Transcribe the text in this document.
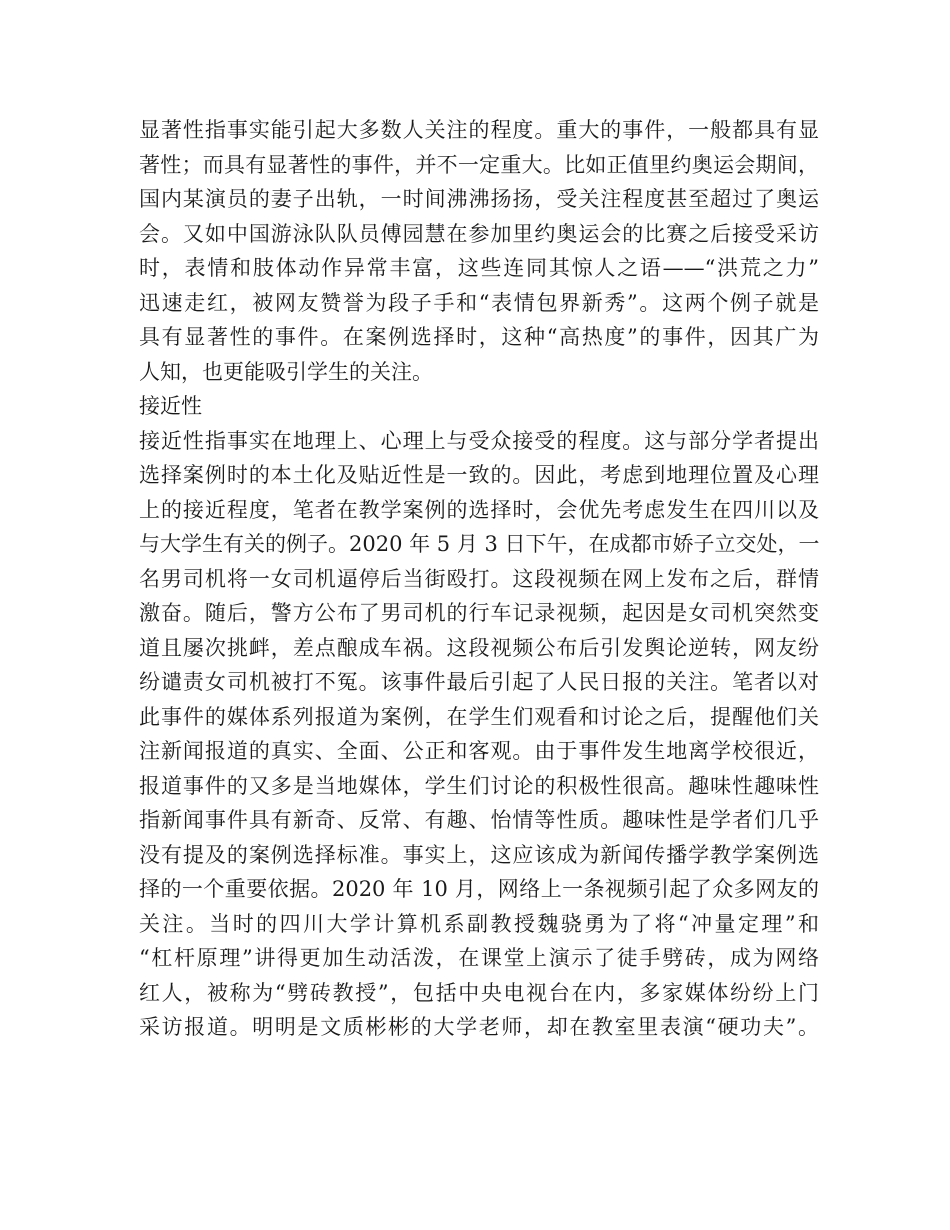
显著性指事实能引起大多数人关注的程度。重大的事件，一般都具有显
著性；而具有显著性的事件，并不一定重大。比如正值里约奥运会期间，
国内某演员的妻子出轨，一时间沸沸扬扬，受关注程度甚至超过了奥运
会。又如中国游泳队队员傅园慧在参加里约奥运会的比赛之后接受采访
时，表情和肢体动作异常丰富，这些连同其惊人之语——“洪荒之力”
迅速走红，被网友赞誉为段子手和“表情包界新秀”。这两个例子就是
具有显著性的事件。在案例选择时，这种“高热度”的事件，因其广为
人知，也更能吸引学生的关注。
接近性
接近性指事实在地理上、心理上与受众接受的程度。这与部分学者提出
选择案例时的本土化及贴近性是一致的。因此，考虑到地理位置及心理
上的接近程度，笔者在教学案例的选择时，会优先考虑发生在四川以及
与大学生有关的例子。2020 年 5 月 3 日下午，在成都市娇子立交处，一
名男司机将一女司机逼停后当街殴打。这段视频在网上发布之后，群情
激奋。随后，警方公布了男司机的行车记录视频，起因是女司机突然变
道且屡次挑衅，差点酿成车祸。这段视频公布后引发舆论逆转，网友纷
纷谴责女司机被打不冤。该事件最后引起了人民日报的关注。笔者以对
此事件的媒体系列报道为案例，在学生们观看和讨论之后，提醒他们关
注新闻报道的真实、全面、公正和客观。由于事件发生地离学校很近，
报道事件的又多是当地媒体，学生们讨论的积极性很高。趣味性趣味性
指新闻事件具有新奇、反常、有趣、怡情等性质。趣味性是学者们几乎
没有提及的案例选择标准。事实上，这应该成为新闻传播学教学案例选
择的一个重要依据。2020 年 10 月，网络上一条视频引起了众多网友的
关注。当时的四川大学计算机系副教授魏骁勇为了将“冲量定理”和
“杠杆原理”讲得更加生动活泼，在课堂上演示了徒手劈砖，成为网络
红人，被称为“劈砖教授”，包括中央电视台在内，多家媒体纷纷上门
采访报道。明明是文质彬彬的大学老师，却在教室里表演“硬功夫”。
